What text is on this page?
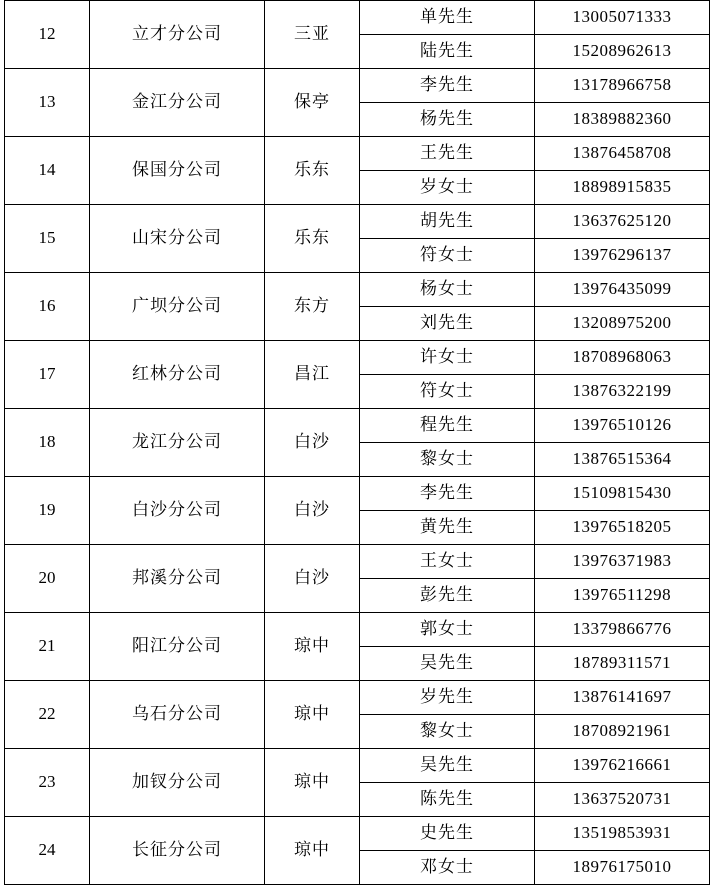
12	立才分公司	三亚	单先生	13005071333
			陆先生	15208962613
13	金江分公司	保亭	李先生	13178966758
			杨先生	18389882360
14	保国分公司	乐东	王先生	13876458708
			岁女士	18898915835
15	山宋分公司	乐东	胡先生	13637625120
			符女士	13976296137
16	广坝分公司	东方	杨女士	13976435099
			刘先生	13208975200
17	红林分公司	昌江	许女士	18708968063
			符女士	13876322199
18	龙江分公司	白沙	程先生	13976510126
			黎女士	13876515364
19	白沙分公司	白沙	李先生	15109815430
			黄先生	13976518205
20	邦溪分公司	白沙	王女士	13976371983
			彭先生	13976511298
21	阳江分公司	琼中	郭女士	13379866776
			吴先生	18789311571
22	乌石分公司	琼中	岁先生	13876141697
			黎女士	18708921961
23	加钗分公司	琼中	吴先生	13976216661
			陈先生	13637520731
24	长征分公司	琼中	史先生	13519853931
			邓女士	18976175010
